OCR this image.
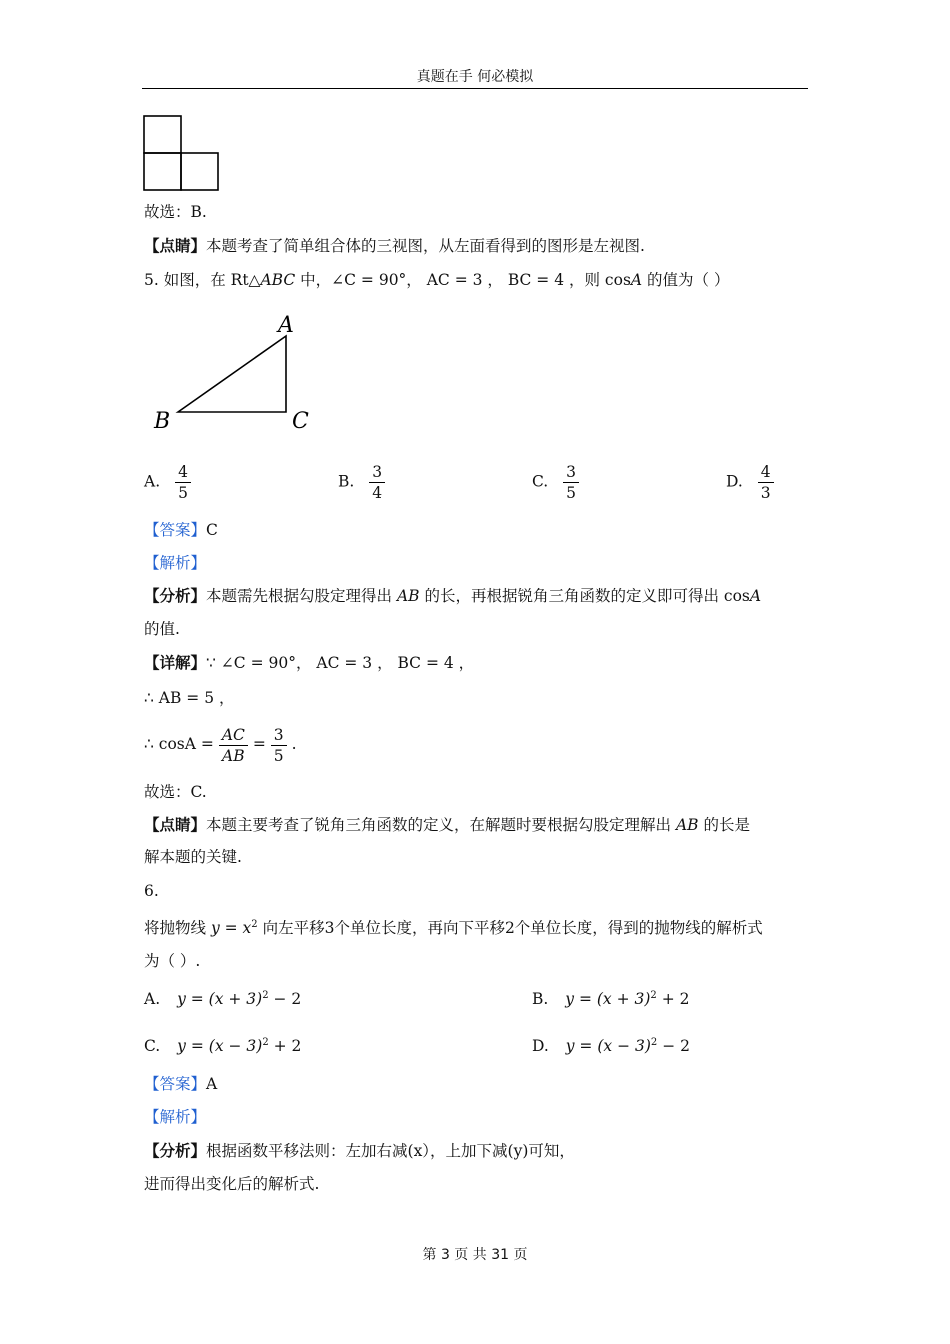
真题在手 何必模拟
故选：B.
【点睛】本题考查了简单组合体的三视图，从左面看得到的图形是左视图.
5. 如图，在 Rt△ABC 中，∠C = 90°， AC = 3 ， BC = 4 ，则 cosA 的值为（ ）
A
B	C
A. $\frac{4}{5}$	B. $\frac{3}{4}$	C. $\frac{3}{5}$	D. $\frac{4}{3}$
【答案】C
【解析】
【分析】本题需先根据勾股定理得出 AB 的长，再根据锐角三角函数的定义即可得出 cosA
的值.
【详解】∵ ∠C = 90°， AC = 3 ， BC = 4 ，
∴ AB = 5 ，
∴ $\cos A = \frac{AC}{AB} = \frac{3}{5}$ .
故选：C.
【点睛】本题主要考查了锐角三角函数的定义，在解题时要根据勾股定理解出 AB 的长是
解本题的关键.
6.
将抛物线 $y = x^2$ 向左平移3个单位长度，再向下平移2个单位长度，得到的抛物线的解析式
为（ ）.
A. $y = (x + 3)^2 - 2$	B. $y = (x + 3)^2 + 2$
C. $y = (x - 3)^2 + 2$	D. $y = (x - 3)^2 - 2$
【答案】A
【解析】
【分析】根据函数平移法则：左加右减(x），上加下减(y)可知，
进而得出变化后的解析式.
第 3 页 共 31 页
